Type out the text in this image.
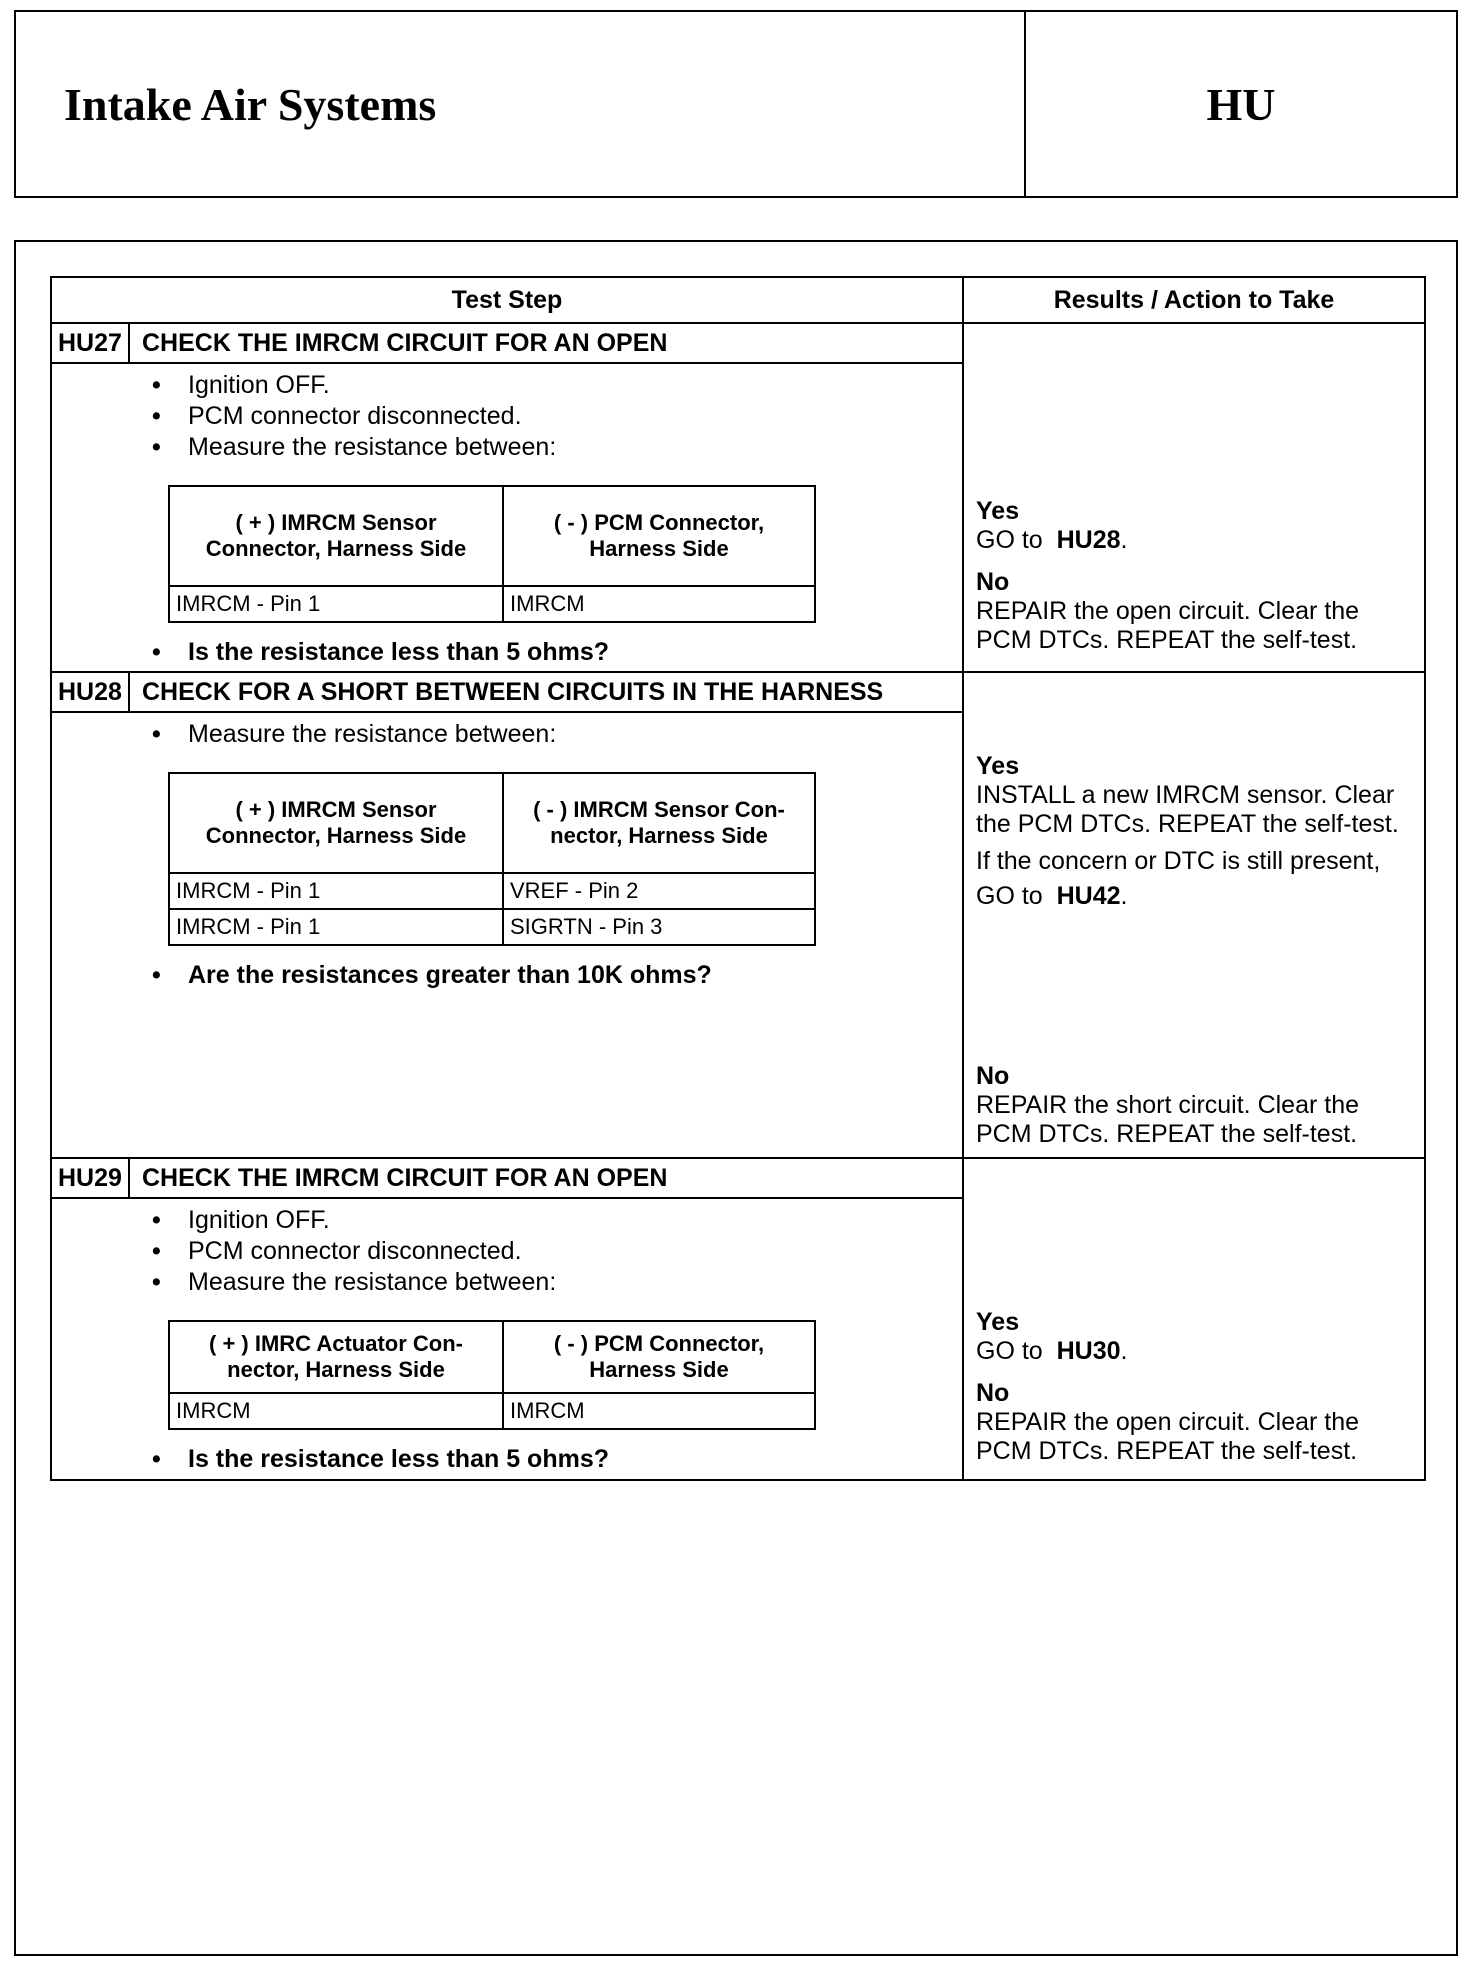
Intake Air Systems	HU
Test Step	Results / Action to Take
HU27 CHECK THE IMRCM CIRCUIT FOR AN OPEN
• Ignition OFF.
• PCM connector disconnected.
• Measure the resistance between:
( + ) IMRCM Sensor Connector, Harness Side	( - ) PCM Connector, Harness Side
IMRCM - Pin 1	IMRCM
• Is the resistance less than 5 ohms?
Yes
GO to HU28.
No
REPAIR the open circuit. Clear the PCM DTCs. REPEAT the self-test.
HU28 CHECK FOR A SHORT BETWEEN CIRCUITS IN THE HARNESS
• Measure the resistance between:
( + ) IMRCM Sensor Connector, Harness Side	( - ) IMRCM Sensor Con-nector, Harness Side
IMRCM - Pin 1	VREF - Pin 2
IMRCM - Pin 1	SIGRTN - Pin 3
• Are the resistances greater than 10K ohms?
Yes
INSTALL a new IMRCM sensor. Clear the PCM DTCs. REPEAT the self-test.
If the concern or DTC is still present,
GO to HU42.
No
REPAIR the short circuit. Clear the PCM DTCs. REPEAT the self-test.
HU29 CHECK THE IMRCM CIRCUIT FOR AN OPEN
• Ignition OFF.
• PCM connector disconnected.
• Measure the resistance between:
( + ) IMRC Actuator Con-nector, Harness Side	( - ) PCM Connector, Harness Side
IMRCM	IMRCM
• Is the resistance less than 5 ohms?
Yes
GO to HU30.
No
REPAIR the open circuit. Clear the PCM DTCs. REPEAT the self-test.
